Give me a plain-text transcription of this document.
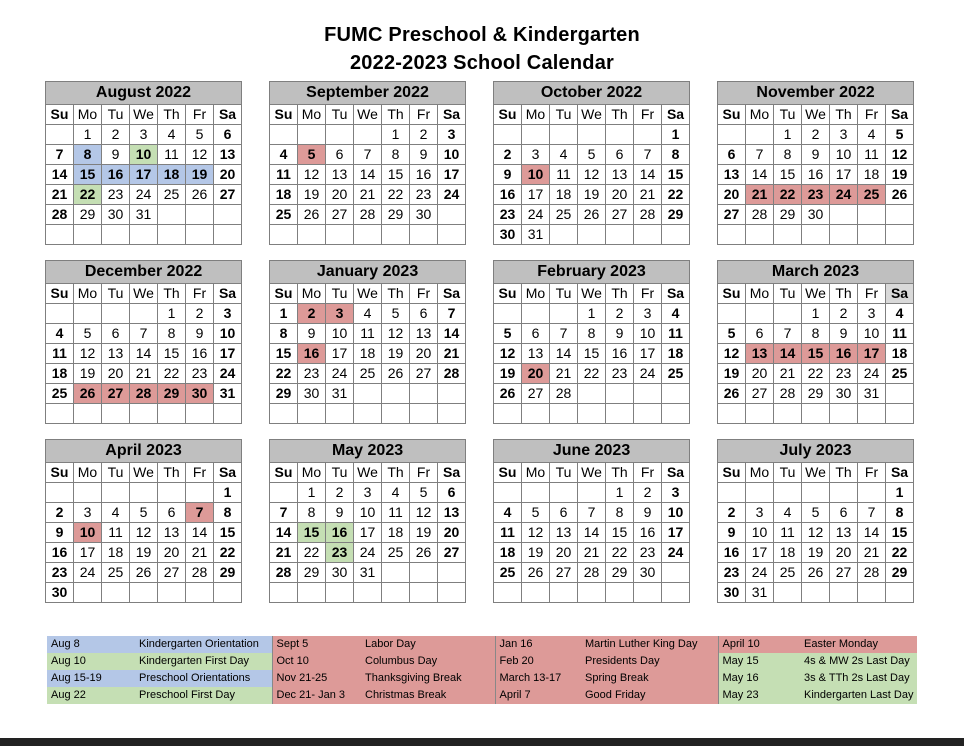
FUMC Preschool & Kindergarten
2022-2023 School Calendar
August 2022						
Su	Mo	Tu	We	Th	Fr	Sa
	1	2	3	4	5	6
7	8	9	10	11	12	13
14	15	16	17	18	19	20
21	22	23	24	25	26	27
28	29	30	31			

September 2022						
Su	Mo	Tu	We	Th	Fr	Sa
				1	2	3
4	5	6	7	8	9	10
11	12	13	14	15	16	17
18	19	20	21	22	23	24
25	26	27	28	29	30	

October 2022						
Su	Mo	Tu	We	Th	Fr	Sa
						1
2	3	4	5	6	7	8
9	10	11	12	13	14	15
16	17	18	19	20	21	22
23	24	25	26	27	28	29
30	31					
November 2022						
Su	Mo	Tu	We	Th	Fr	Sa
		1	2	3	4	5
6	7	8	9	10	11	12
13	14	15	16	17	18	19
20	21	22	23	24	25	26
27	28	29	30			

December 2022						
Su	Mo	Tu	We	Th	Fr	Sa
				1	2	3
4	5	6	7	8	9	10
11	12	13	14	15	16	17
18	19	20	21	22	23	24
25	26	27	28	29	30	31

January 2023						
Su	Mo	Tu	We	Th	Fr	Sa
1	2	3	4	5	6	7
8	9	10	11	12	13	14
15	16	17	18	19	20	21
22	23	24	25	26	27	28
29	30	31				

February 2023						
Su	Mo	Tu	We	Th	Fr	Sa
			1	2	3	4
5	6	7	8	9	10	11
12	13	14	15	16	17	18
19	20	21	22	23	24	25
26	27	28				

March 2023						
Su	Mo	Tu	We	Th	Fr	Sa
			1	2	3	4
5	6	7	8	9	10	11
12	13	14	15	16	17	18
19	20	21	22	23	24	25
26	27	28	29	30	31	

April 2023						
Su	Mo	Tu	We	Th	Fr	Sa
						1
2	3	4	5	6	7	8
9	10	11	12	13	14	15
16	17	18	19	20	21	22
23	24	25	26	27	28	29
30						
May 2023						
Su	Mo	Tu	We	Th	Fr	Sa
	1	2	3	4	5	6
7	8	9	10	11	12	13
14	15	16	17	18	19	20
21	22	23	24	25	26	27
28	29	30	31			

June 2023						
Su	Mo	Tu	We	Th	Fr	Sa
				1	2	3
4	5	6	7	8	9	10
11	12	13	14	15	16	17
18	19	20	21	22	23	24
25	26	27	28	29	30	

July 2023						
Su	Mo	Tu	We	Th	Fr	Sa
						1
2	3	4	5	6	7	8
9	10	11	12	13	14	15
16	17	18	19	20	21	22
23	24	25	26	27	28	29
30	31					
Aug 8	Kindergarten Orientation	Sept 5	Labor Day	Jan 16	Martin Luther King Day	April 10	Easter Monday
Aug 10	Kindergarten First Day	Oct 10	Columbus Day	Feb 20	Presidents Day	May 15	4s & MW 2s Last Day
Aug 15-19	Preschool Orientations	Nov 21-25	Thanksgiving Break	March 13-17	Spring Break	May 16	3s & TTh 2s Last Day
Aug 22	Preschool First Day	Dec 21- Jan 3	Christmas Break	April 7	Good Friday	May 23	Kindergarten Last Day
